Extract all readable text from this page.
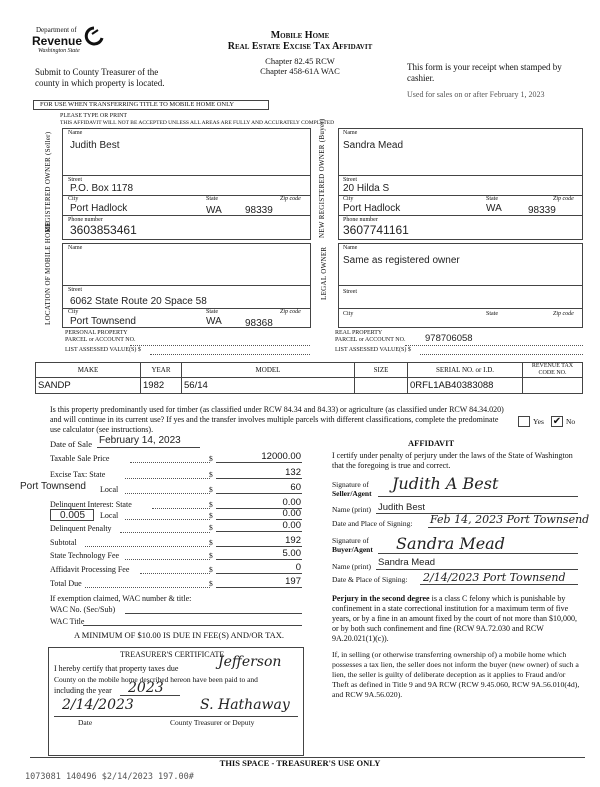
Department of
Revenue
Washington State
Mobile Home
Real Estate Excise Tax Affidavit
Chapter 82.45 RCW
Chapter 458-61A WAC
Submit to County Treasurer of the county in which property is located.
This form is your receipt when stamped by cashier.
Used for sales on or after February 1, 2023
FOR USE WHEN TRANSFERRING TITLE TO MOBILE HOME ONLY
PLEASE TYPE OR PRINT
THIS AFFIDAVIT WILL NOT BE ACCEPTED UNLESS ALL AREAS ARE FULLY AND ACCURATELY COMPLETED
REGISTERED OWNER (Seller)	Name
Judith Best
Street
P.O. Box 1178
City	State	Zip code
Port Hadlock	WA 98339
Phone number
3603853461	NEW REGISTERED OWNER (Buyer)	Name
Sandra Mead
Street
20 Hilda S
City	State	Zip code
Port Hadlock	WA	98339
Phone number
3607741161
LOCATION OF MOBILE HOME	Name
Street
6062 State Route 20 Space 58
City	State	Zip code
Port Townsend	WA 98368
PERSONAL PROPERTY
PARCEL or ACCOUNT NO.
LIST ASSESSED VALUE(S) $
LEGAL OWNER	Name
Same as registered owner
Street
City	State	Zip code
REAL PROPERTY
PARCEL or ACCOUNT NO. 978706058
LIST ASSESSED VALUE(S) $
MAKE	YEAR	MODEL	SIZE	SERIAL NO. or I.D.	REVENUE TAX CODE NO.
SANDP	1982	56/14		0RFL1AB40383088	
Is this property predominantly used for timber (as classified under RCW 84.34 and 84.33) or agriculture (as classified under RCW 84.34.020) and will continue in its current use? If yes and the transfer involves multiple parcels with different classifications, complete the predominate use calculator (see instructions).
Yes ✔ No
Date of Sale February 14, 2023
Taxable Sale Price	$	12000.00
Excise Tax: State	$	132
Port Townsend Local	$	60
Delinquent Interest: State	$	0.00
0.005 Local	$	0.00
Delinquent Penalty	$	0.00
Subtotal	$	192
State Technology Fee	$	5.00
Affidavit Processing Fee	$	0
Total Due	$	197
If exemption claimed, WAC number & title:
WAC No. (Sec/Sub)
WAC Title
A MINIMUM OF $10.00 IS DUE IN FEE(S) AND/OR TAX.
TREASURER'S CERTIFICATE
I hereby certify that property taxes due	Jefferson
County on the mobile home described hereon have been paid to and
including the year 2023
2/14/2023	S. Hathaway
Date	County Treasurer or Deputy
AFFIDAVIT
I certify under penalty of perjury under the laws of the State of Washington that the foregoing is true and correct.
Signature of
Seller/Agent
Judith A Best
Name (print) Judith Best
Date and Place of Signing: Feb 14, 2023 Port Townsend
Signature of
Buyer/Agent Sandra Mead
Name (print) Sandra Mead
Date & Place of Signing: 2/14/2023 Port Townsend
Perjury in the second degree is a class C felony which is punishable by confinement in a state correctional institution for a maximum term of five years, or by a fine in an amount fixed by the court of not more than $10,000, or by both such confinement and fine (RCW 9A.72.030 and RCW 9A.20.021(1)(c)).
If, in selling (or otherwise transferring ownership of) a mobile home which possesses a tax lien, the seller does not inform the buyer (new owner) of such a lien, the seller is guilty of deliberate deception as it applies to Fraud and/or Theft as defined in Title 9 and 9A RCW (RCW 9.45.060, RCW 9A.56.010(4d), and RCW 9A.56.020).
THIS SPACE - TREASURER'S USE ONLY
1073081 140496 $2/14/2023 197.00#
